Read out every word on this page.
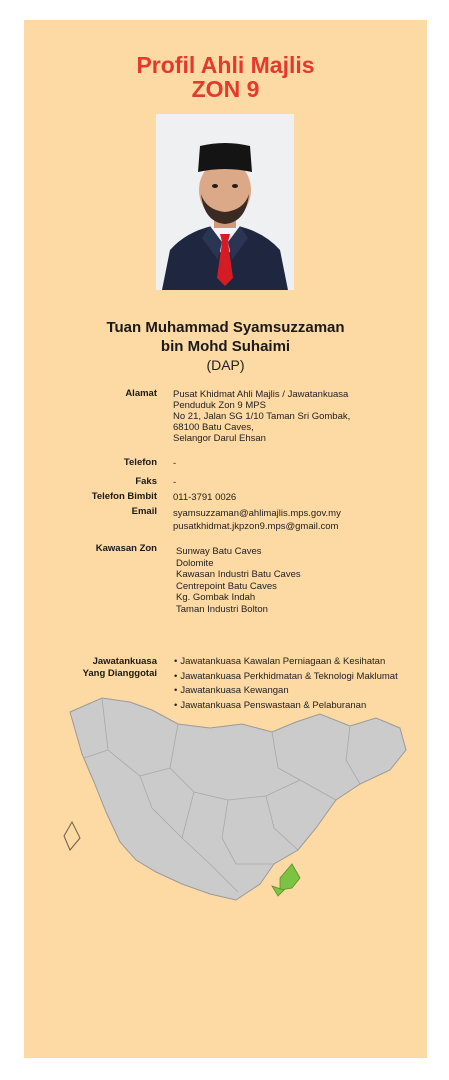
Profil Ahli Majlis
ZON 9
Tuan Muhammad Syamsuzzaman
bin Mohd Suhaimi
(DAP)
Alamat Pusat Khidmat Ahli Majlis / Jawatankuasa
Penduduk Zon 9 MPS
No 21, Jalan SG 1/10 Taman Sri Gombak,
68100 Batu Caves,
Selangor Darul Ehsan
Telefon -
Faks -
Telefon Bimbit 011-3791 0026
Email syamsuzzaman@ahlimajlis.mps.gov.my
pusatkhidmat.jkpzon9.mps@gmail.com
Kawasan Zon Sunway Batu Caves
Dolomite
Kawasan Industri Batu Caves
Centrepoint Batu Caves
Kg. Gombak Indah
Taman Industri Bolton
Jawatankuasa
Yang Dianggotai
• Jawatankuasa Kawalan Perniagaan & Kesihatan
• Jawatankuasa Perkhidmatan & Teknologi Maklumat
• Jawatankuasa Kewangan
• Jawatankuasa Penswastaan & Pelaburanan
